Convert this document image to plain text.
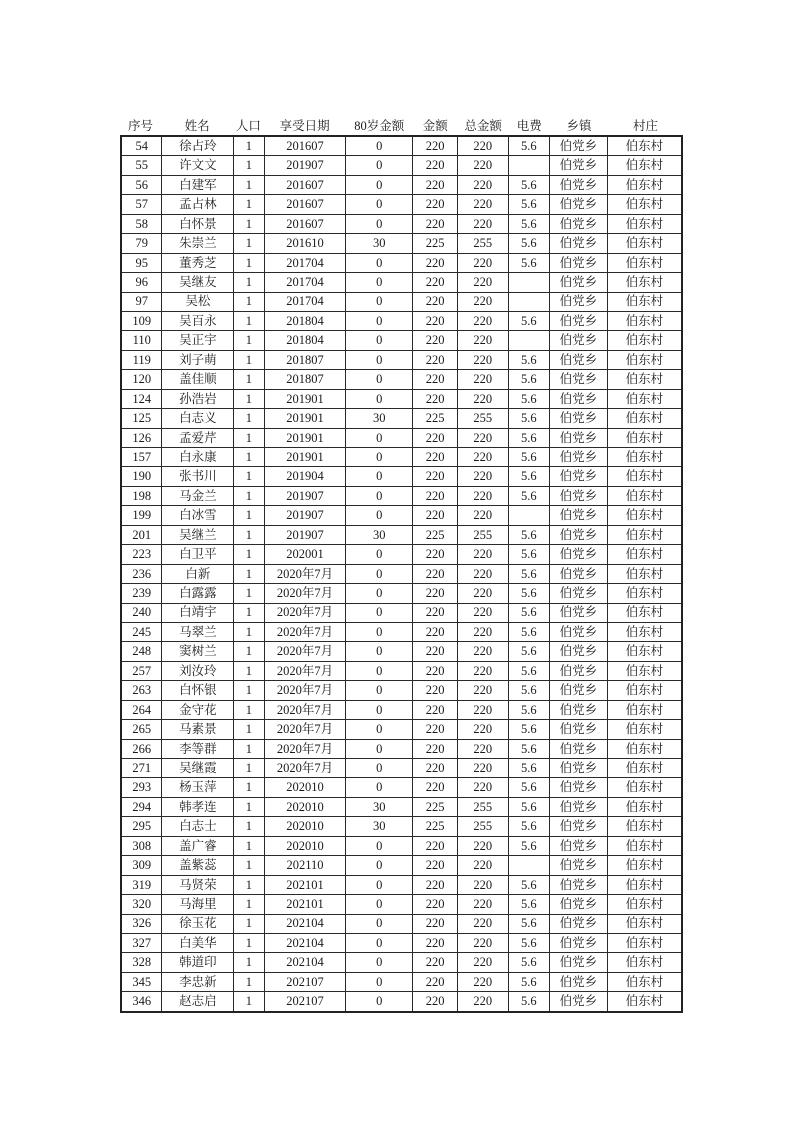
序号	姓名	人口	享受日期	80岁金额	金额	总金额	电费	乡镇	村庄
54	徐占玲	1	201607	0	220	220	5.6	伯党乡	伯东村
55	许文文	1	201907	0	220	220		伯党乡	伯东村
56	白建军	1	201607	0	220	220	5.6	伯党乡	伯东村
57	孟占林	1	201607	0	220	220	5.6	伯党乡	伯东村
58	白怀景	1	201607	0	220	220	5.6	伯党乡	伯东村
79	朱崇兰	1	201610	30	225	255	5.6	伯党乡	伯东村
95	董秀芝	1	201704	0	220	220	5.6	伯党乡	伯东村
96	吴继友	1	201704	0	220	220		伯党乡	伯东村
97	吴松	1	201704	0	220	220		伯党乡	伯东村
109	吴百永	1	201804	0	220	220	5.6	伯党乡	伯东村
110	吴正宇	1	201804	0	220	220		伯党乡	伯东村
119	刘子萌	1	201807	0	220	220	5.6	伯党乡	伯东村
120	盖佳顺	1	201807	0	220	220	5.6	伯党乡	伯东村
124	孙浩岩	1	201901	0	220	220	5.6	伯党乡	伯东村
125	白志义	1	201901	30	225	255	5.6	伯党乡	伯东村
126	孟爱芹	1	201901	0	220	220	5.6	伯党乡	伯东村
157	白永康	1	201901	0	220	220	5.6	伯党乡	伯东村
190	张书川	1	201904	0	220	220	5.6	伯党乡	伯东村
198	马金兰	1	201907	0	220	220	5.6	伯党乡	伯东村
199	白冰雪	1	201907	0	220	220		伯党乡	伯东村
201	吴继兰	1	201907	30	225	255	5.6	伯党乡	伯东村
223	白卫平	1	202001	0	220	220	5.6	伯党乡	伯东村
236	白新	1	2020年7月	0	220	220	5.6	伯党乡	伯东村
239	白露露	1	2020年7月	0	220	220	5.6	伯党乡	伯东村
240	白靖宇	1	2020年7月	0	220	220	5.6	伯党乡	伯东村
245	马翠兰	1	2020年7月	0	220	220	5.6	伯党乡	伯东村
248	窦树兰	1	2020年7月	0	220	220	5.6	伯党乡	伯东村
257	刘汝玲	1	2020年7月	0	220	220	5.6	伯党乡	伯东村
263	白怀银	1	2020年7月	0	220	220	5.6	伯党乡	伯东村
264	金守花	1	2020年7月	0	220	220	5.6	伯党乡	伯东村
265	马素景	1	2020年7月	0	220	220	5.6	伯党乡	伯东村
266	李等群	1	2020年7月	0	220	220	5.6	伯党乡	伯东村
271	吴继霞	1	2020年7月	0	220	220	5.6	伯党乡	伯东村
293	杨玉萍	1	202010	0	220	220	5.6	伯党乡	伯东村
294	韩孝连	1	202010	30	225	255	5.6	伯党乡	伯东村
295	白志士	1	202010	30	225	255	5.6	伯党乡	伯东村
308	盖广睿	1	202010	0	220	220	5.6	伯党乡	伯东村
309	盖紫蕊	1	202110	0	220	220		伯党乡	伯东村
319	马贤荣	1	202101	0	220	220	5.6	伯党乡	伯东村
320	马海里	1	202101	0	220	220	5.6	伯党乡	伯东村
326	徐玉花	1	202104	0	220	220	5.6	伯党乡	伯东村
327	白美华	1	202104	0	220	220	5.6	伯党乡	伯东村
328	韩道印	1	202104	0	220	220	5.6	伯党乡	伯东村
345	李忠新	1	202107	0	220	220	5.6	伯党乡	伯东村
346	赵志启	1	202107	0	220	220	5.6	伯党乡	伯东村
